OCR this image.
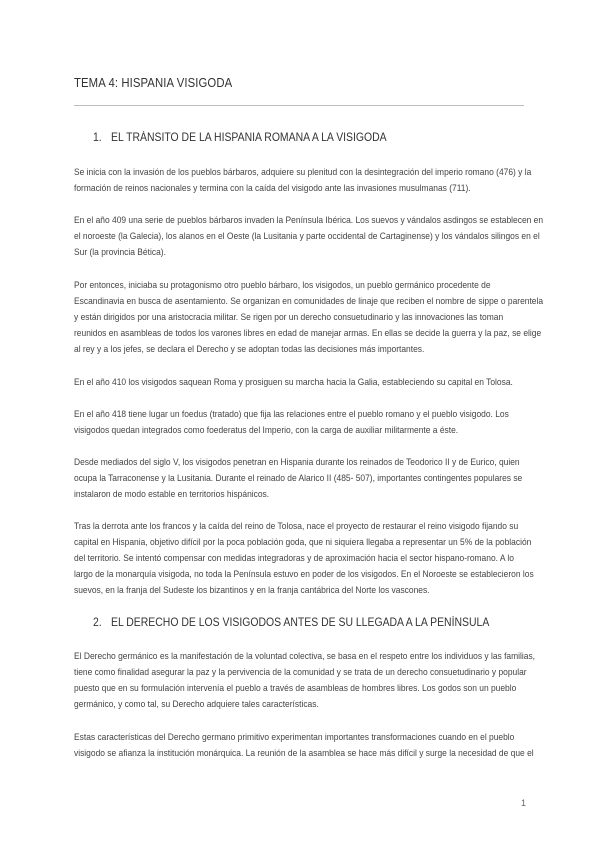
TEMA 4: HISPANIA VISIGODA
1. EL TRÁNSITO DE LA HISPANIA ROMANA A LA VISIGODA
Se inicia con la invasión de los pueblos bárbaros, adquiere su plenitud con la desintegración del imperio romano (476) y la
formación de reinos nacionales y termina con la caída del visigodo ante las invasiones musulmanas (711).
En el año 409 una serie de pueblos bárbaros invaden la Península Ibérica. Los suevos y vándalos asdingos se establecen en
el noroeste (la Galecia), los alanos en el Oeste (la Lusitania y parte occidental de Cartaginense) y los vándalos silingos en el
Sur (la provincia Bética).
Por entonces, iniciaba su protagonismo otro pueblo bárbaro, los visigodos, un pueblo germánico procedente de
Escandinavia en busca de asentamiento. Se organizan en comunidades de linaje que reciben el nombre de sippe o parentela
y están dirigidos por una aristocracia militar. Se rigen por un derecho consuetudinario y las innovaciones las toman
reunidos en asambleas de todos los varones libres en edad de manejar armas. En ellas se decide la guerra y la paz, se elige
al rey y a los jefes, se declara el Derecho y se adoptan todas las decisiones más importantes.
En el año 410 los visigodos saquean Roma y prosiguen su marcha hacia la Galia, estableciendo su capital en Tolosa.
En el año 418 tiene lugar un foedus (tratado) que fija las relaciones entre el pueblo romano y el pueblo visigodo. Los
visigodos quedan integrados como foederatus del Imperio, con la carga de auxiliar militarmente a éste.
Desde mediados del siglo V, los visigodos penetran en Hispania durante los reinados de Teodorico II y de Eurico, quien
ocupa la Tarraconense y la Lusitania. Durante el reinado de Alarico II (485- 507), importantes contingentes populares se
instalaron de modo estable en territorios hispánicos.
Tras la derrota ante los francos y la caída del reino de Tolosa, nace el proyecto de restaurar el reino visigodo fijando su
capital en Hispania, objetivo difícil por la poca población goda, que ni siquiera llegaba a representar un 5% de la población
del territorio. Se intentó compensar con medidas integradoras y de aproximación hacia el sector hispano-romano. A lo
largo de la monarquía visigoda, no toda la Península estuvo en poder de los visigodos. En el Noroeste se establecieron los
suevos, en la franja del Sudeste los bizantinos y en la franja cantábrica del Norte los vascones.
2. EL DERECHO DE LOS VISIGODOS ANTES DE SU LLEGADA A LA PENÍNSULA
El Derecho germánico es la manifestación de la voluntad colectiva, se basa en el respeto entre los individuos y las familias,
tiene como finalidad asegurar la paz y la pervivencia de la comunidad y se trata de un derecho consuetudinario y popular
puesto que en su formulación intervenía el pueblo a través de asambleas de hombres libres. Los godos son un pueblo
germánico, y como tal, su Derecho adquiere tales características.
Estas características del Derecho germano primitivo experimentan importantes transformaciones cuando en el pueblo
visigodo se afianza la institución monárquica. La reunión de la asamblea se hace más difícil y surge la necesidad de que el
1
